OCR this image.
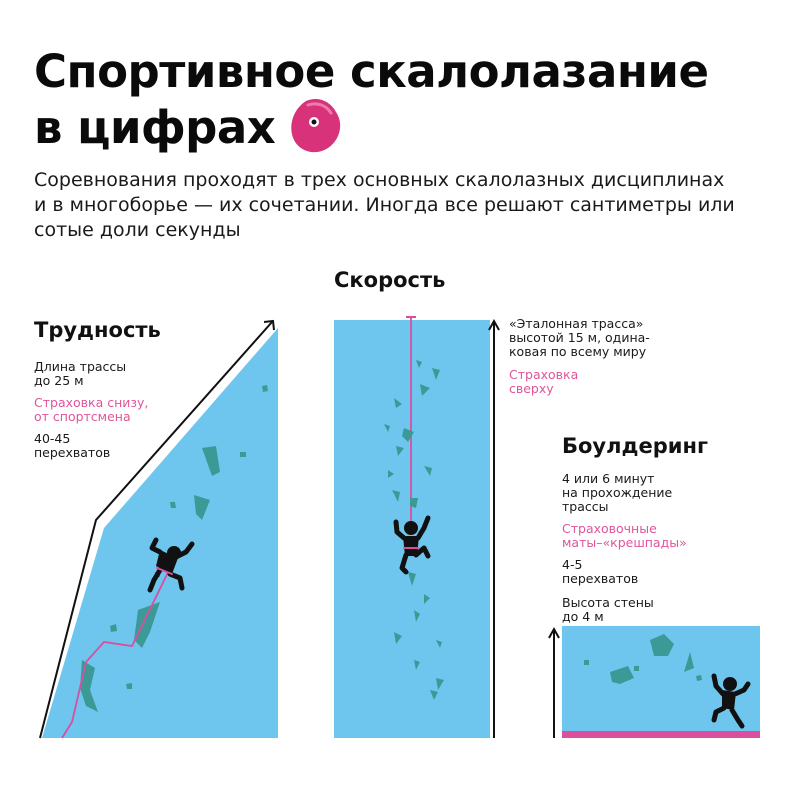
Спортивное скалолазание
в цифрах

Соревнования проходят в трех основных скалолазных дисциплинах
и в многоборье — их сочетании. Иногда все решают сантиметры или
сотые доли секунды

Трудность

Длина трассы
до 25 м

Страховка снизу,
от спортсмена

40-45
перехватов

Скорость

«Эталонная трасса»
высотой 15 м, одина-
ковая по всему миру

Страховка
сверху

Боулдеринг

4 или 6 минут
на прохождение
трассы

Страховочные
маты–«крешпады»

4-5
перехватов

Высота стены
до 4 м
